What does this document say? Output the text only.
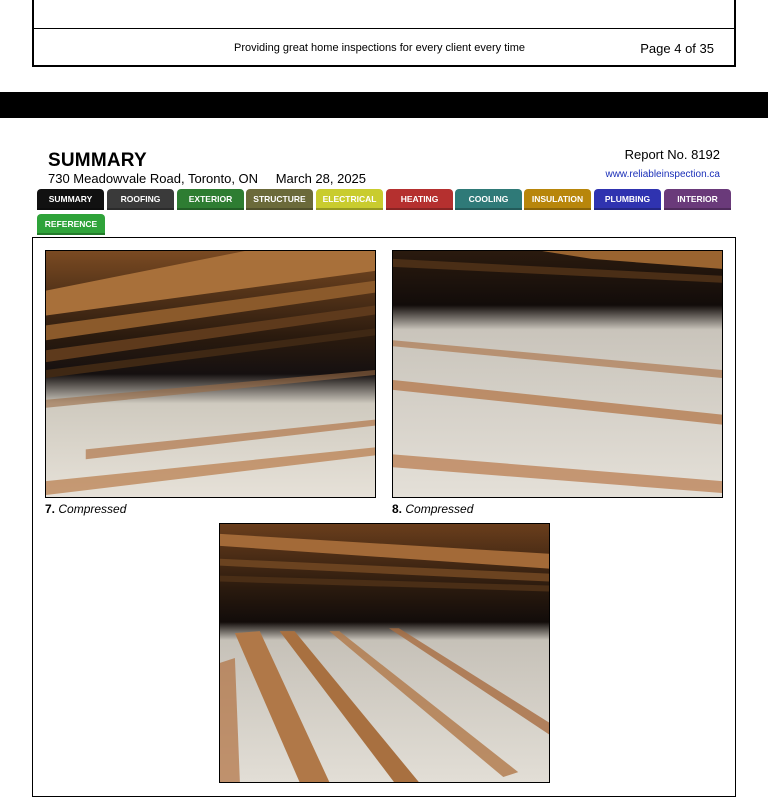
Providing great home inspections for every client every time	Page 4 of 35
SUMMARY
730 Meadowvale Road, Toronto, ON March 28, 2025
Report No. 8192
www.reliableinspection.ca
SUMMARY	ROOFING	EXTERIOR	STRUCTURE	ELECTRICAL	HEATING	COOLING	INSULATION	PLUMBING	INTERIOR
REFERENCE
7. Compressed	8. Compressed
